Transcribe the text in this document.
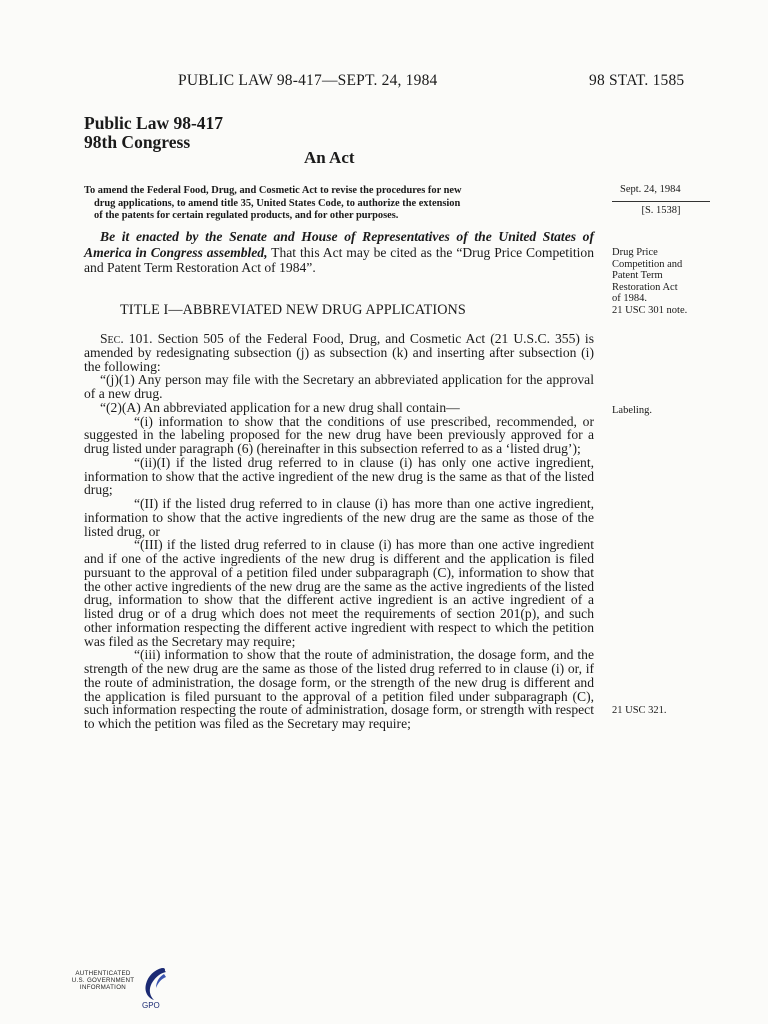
PUBLIC LAW 98-417—SEPT. 24, 1984	98 STAT. 1585
Public Law 98-417
98th Congress
An Act
To amend the Federal Food, Drug, and Cosmetic Act to revise the procedures for new
drug applications, to amend title 35, United States Code, to authorize the extension
of the patents for certain regulated products, and for other purposes.
Sept. 24, 1984
[S. 1538]
Be it enacted by the Senate and House of Representatives of the United States of America in Congress assembled, That this Act may be cited as the “Drug Price Competition and Patent Term Restoration Act of 1984”.
Drug Price
Competition and
Patent Term
Restoration Act
of 1984.
21 USC 301 note.
TITLE I—ABBREVIATED NEW DRUG APPLICATIONS

Sec. 101. Section 505 of the Federal Food, Drug, and Cosmetic Act (21 U.S.C. 355) is amended by redesignating subsection (j) as subsection (k) and inserting after subsection (i) the following:

“(j)(1) Any person may file with the Secretary an abbreviated application for the approval of a new drug.

“(2)(A) An abbreviated application for a new drug shall contain—

“(i) information to show that the conditions of use prescribed, recommended, or suggested in the labeling proposed for the new drug have been previously approved for a drug listed under paragraph (6) (hereinafter in this subsection referred to as a ‘listed drug’);

“(ii)(I) if the listed drug referred to in clause (i) has only one active ingredient, information to show that the active ingredient of the new drug is the same as that of the listed drug;

“(II) if the listed drug referred to in clause (i) has more than one active ingredient, information to show that the active ingredients of the new drug are the same as those of the listed drug, or

“(III) if the listed drug referred to in clause (i) has more than one active ingredient and if one of the active ingredients of the new drug is different and the application is filed pursuant to the approval of a petition filed under subparagraph (C), information to show that the other active ingredients of the new drug are the same as the active ingredients of the listed drug, information to show that the different active ingredient is an active ingredient of a listed drug or of a drug which does not meet the requirements of section 201(p), and such other information respecting the different active ingredient with respect to which the petition was filed as the Secretary may require;

“(iii) information to show that the route of administration, the dosage form, and the strength of the new drug are the same as those of the listed drug referred to in clause (i) or, if the route of administration, the dosage form, or the strength of the new drug is different and the application is filed pursuant to the approval of a petition filed under subparagraph (C), such information respecting the route of administration, dosage form, or strength with respect to which the petition was filed as the Secretary may require;

Labeling.
21 USC 321.
AUTHENTICATED
U.S. GOVERNMENT
INFORMATION
GPO
